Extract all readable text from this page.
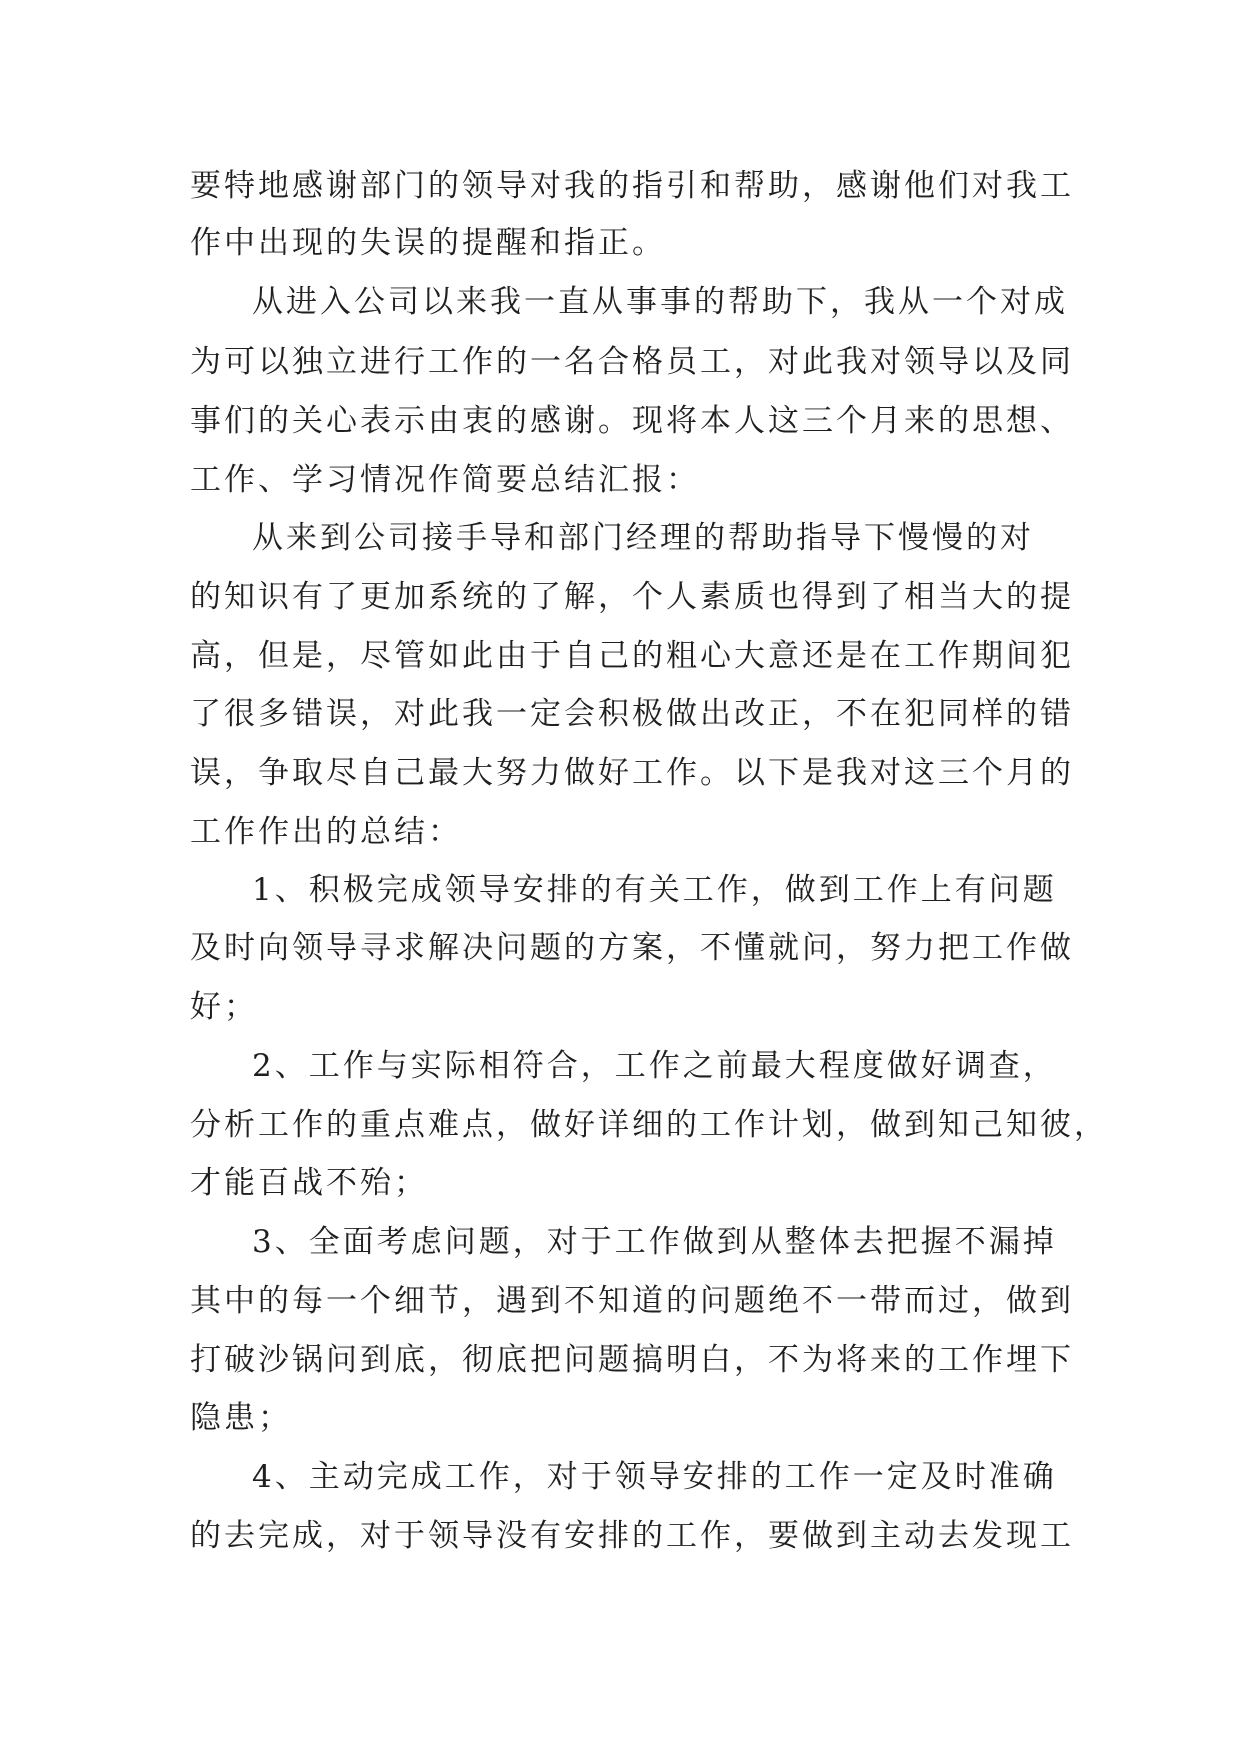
要特地感谢部门的领导对我的指引和帮助，感谢他们对我工
作中出现的失误的提醒和指正。
从进入公司以来我一直从事事的帮助下，我从一个对成
为可以独立进行工作的一名合格员工，对此我对领导以及同
事们的关心表示由衷的感谢。现将本人这三个月来的思想、
工作、学习情况作简要总结汇报：
从来到公司接手导和部门经理的帮助指导下慢慢的对
的知识有了更加系统的了解，个人素质也得到了相当大的提
高，但是，尽管如此由于自己的粗心大意还是在工作期间犯
了很多错误，对此我一定会积极做出改正，不在犯同样的错
误，争取尽自己最大努力做好工作。以下是我对这三个月的
工作作出的总结：
1、积极完成领导安排的有关工作，做到工作上有问题
及时向领导寻求解决问题的方案，不懂就问，努力把工作做
好；
2、工作与实际相符合，工作之前最大程度做好调查，
分析工作的重点难点，做好详细的工作计划，做到知己知彼，
才能百战不殆；
3、全面考虑问题，对于工作做到从整体去把握不漏掉
其中的每一个细节，遇到不知道的问题绝不一带而过，做到
打破沙锅问到底，彻底把问题搞明白，不为将来的工作埋下
隐患；
4、主动完成工作，对于领导安排的工作一定及时准确
的去完成，对于领导没有安排的工作，要做到主动去发现工
